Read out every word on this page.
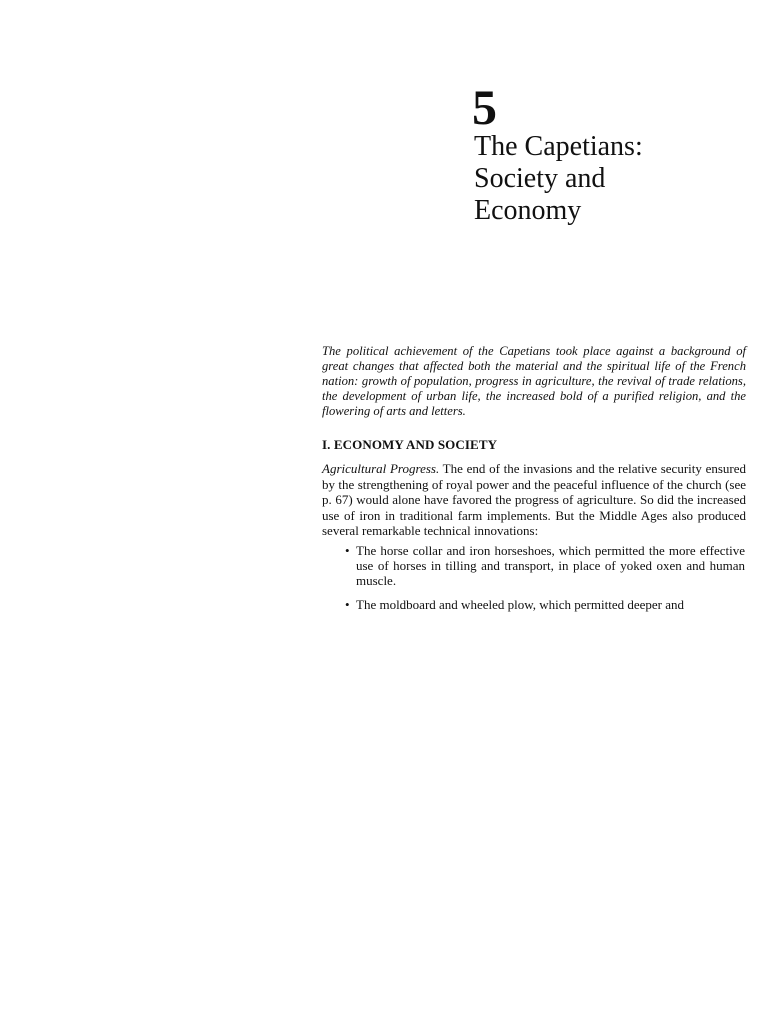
5
The Capetians:
Society and
Economy

The political achievement of the Capetians took place against a background of great changes that affected both the material and the spiritual life of the French nation: growth of population, progress in agriculture, the revival of trade relations, the development of urban life, the increased bold of a purified religion, and the flowering of arts and letters.

I. ECONOMY AND SOCIETY

Agricultural Progress. The end of the invasions and the relative security ensured by the strengthening of royal power and the peaceful influence of the church (see p. 67) would alone have favored the progress of agriculture. So did the increased use of iron in traditional farm implements. But the Middle Ages also produced several remarkable technical innovations:

• The horse collar and iron horseshoes, which permitted the more effective use of horses in tilling and transport, in place of yoked oxen and human muscle.
• The moldboard and wheeled plow, which permitted deeper and
